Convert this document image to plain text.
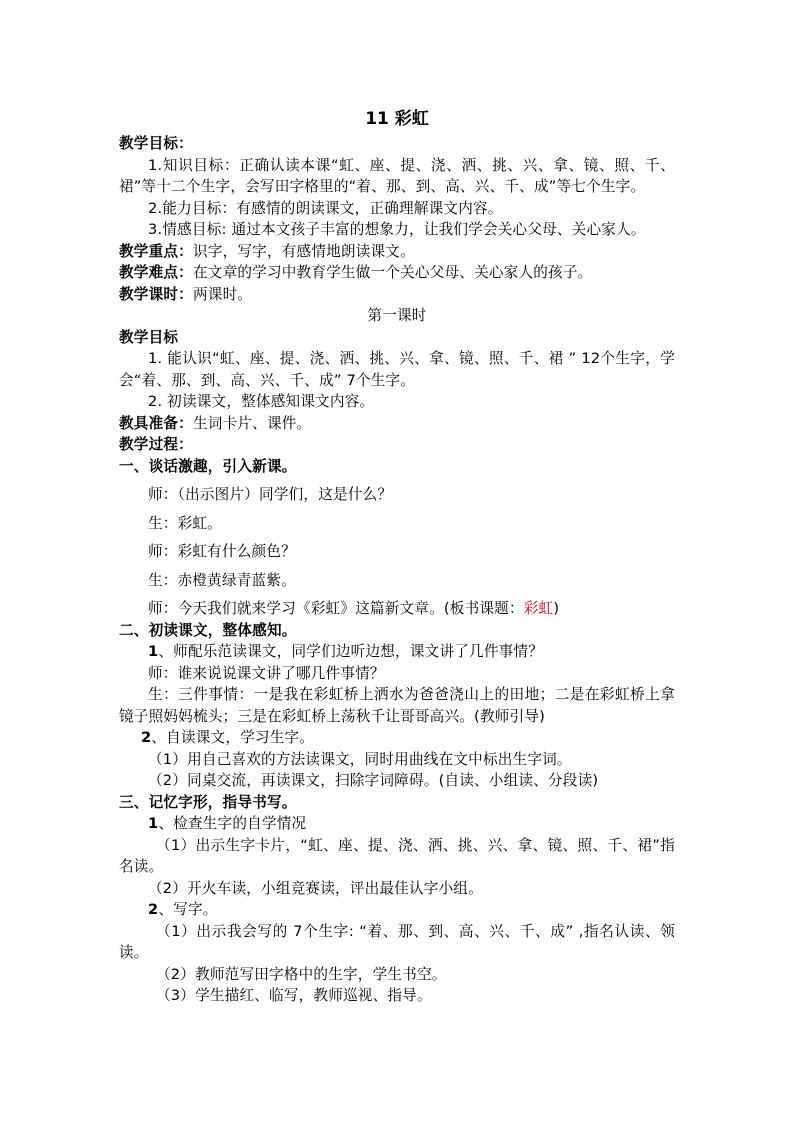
11 彩虹
教学目标：
1.知识目标：正确认读本课“虹、座、提、浇、洒、挑、兴、拿、镜、照、千、裙”等十二个生字，会写田字格里的“着、那、到、高、兴、千、成”等七个生字。
2.能力目标：有感情的朗读课文，正确理解课文内容。
3.情感目标: 通过本文孩子丰富的想象力，让我们学会关心父母、关心家人。
教学重点：识字，写字，有感情地朗读课文。
教学难点：在文章的学习中教育学生做一个关心父母、关心家人的孩子。
教学课时：两课时。
第一课时
教学目标
1. 能认识“虹、座、提、浇、洒、挑、兴、拿、镜、照、千、裙 ” 12个生字，学会“着、那、到、高、兴、千、成” 7个生字。
2. 初读课文，整体感知课文内容。
教具准备：生词卡片、课件。
教学过程：
一、谈话激趣，引入新课。
师：（出示图片）同学们，这是什么？
生：彩虹。
师：彩虹有什么颜色？
生：赤橙黄绿青蓝紫。
师：今天我们就来学习《彩虹》这篇新文章。(板书课题：彩虹)
二、初读课文，整体感知。
1、师配乐范读课文，同学们边听边想，课文讲了几件事情？
师：谁来说说课文讲了哪几件事情？
生：三件事情：一是我在彩虹桥上洒水为爸爸浇山上的田地；二是在彩虹桥上拿镜子照妈妈梳头；三是在彩虹桥上荡秋千让哥哥高兴。(教师引导)
2、自读课文，学习生字。
（1）用自己喜欢的方法读课文，同时用曲线在文中标出生字词。
（2）同桌交流，再读课文，扫除字词障碍。(自读、小组读、分段读)
三、记忆字形，指导书写。
1、检查生字的自学情况
（1）出示生字卡片，“虹、座、提、浇、洒、挑、兴、拿、镜、照、千、裙”指名读。
（2）开火车读，小组竞赛读，评出最佳认字小组。
2、写字。
（1）出示我会写的 7个生字: “着、那、到、高、兴、千、成” ,指名认读、领读。
（2）教师范写田字格中的生字，学生书空。
（3）学生描红、临写，教师巡视、指导。
